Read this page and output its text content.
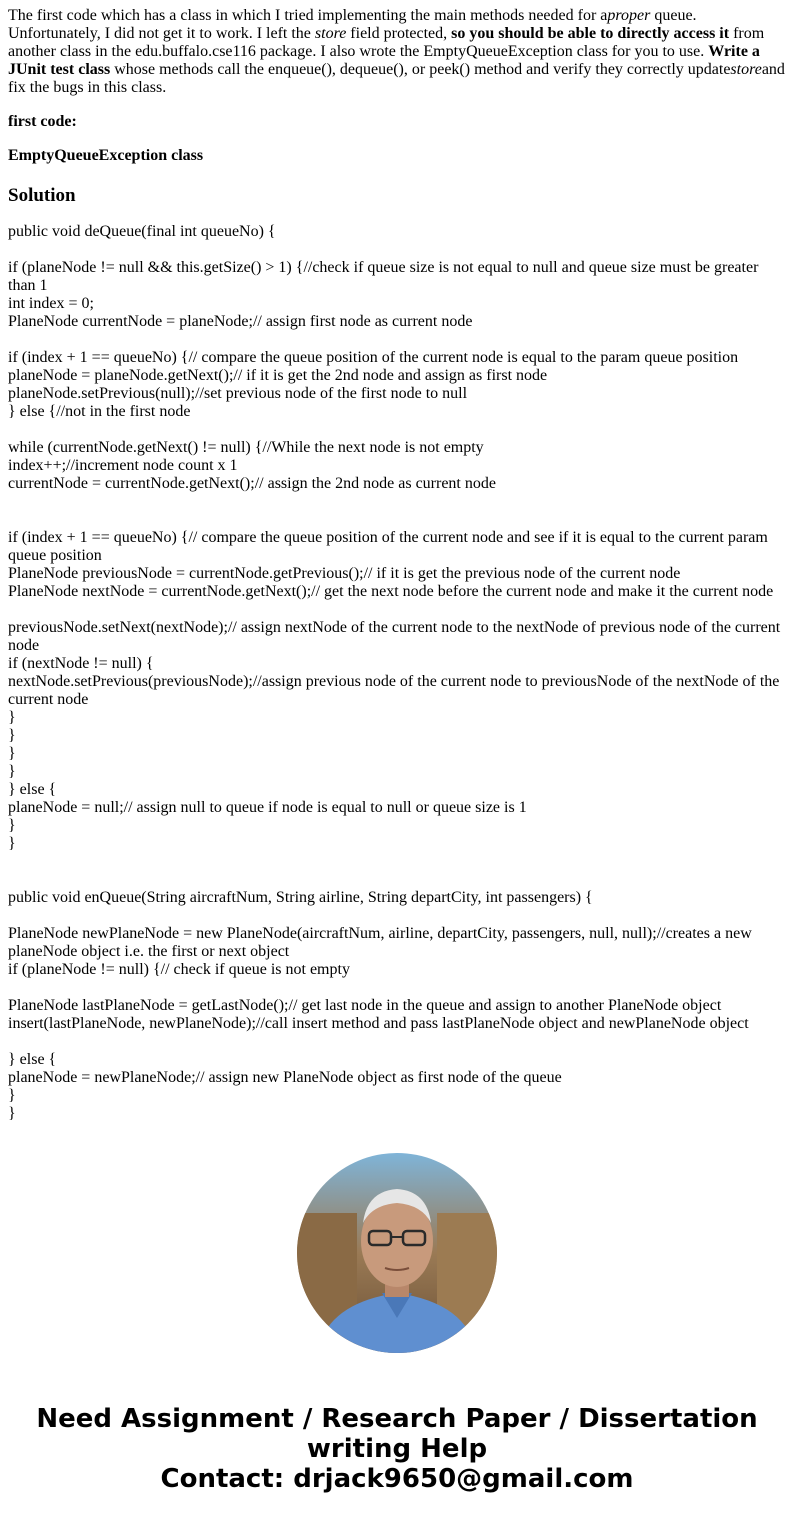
The first code which has a class in which I tried implementing the main methods needed for aproper queue. Unfortunately, I did not get it to work. I left the store field protected, so you should be able to directly access it from another class in the edu.buffalo.cse116 package. I also wrote the EmptyQueueException class for you to use. Write a JUnit test class whose methods call the enqueue(), dequeue(), or peek() method and verify they correctly updatestoreand fix the bugs in this class.

first code:

EmptyQueueException class

Solution
public void deQueue(final int queueNo) {
if (planeNode != null && this.getSize() > 1) {//check if queue size is not equal to null and queue size must be greater than 1
int index = 0;
PlaneNode currentNode = planeNode;// assign first node as current node
if (index + 1 == queueNo) {// compare the queue position of the current node is equal to the param queue position
planeNode = planeNode.getNext();// if it is get the 2nd node and assign as first node
planeNode.setPrevious(null);//set previous node of the first node to null
} else {//not in the first node
while (currentNode.getNext() != null) {//While the next node is not empty
index++;//increment node count x 1
currentNode = currentNode.getNext();// assign the 2nd node as current node
if (index + 1 == queueNo) {// compare the queue position of the current node and see if it is equal to the current param queue position
PlaneNode previousNode = currentNode.getPrevious();// if it is get the previous node of the current node
PlaneNode nextNode = currentNode.getNext();// get the next node before the current node and make it the current node
previousNode.setNext(nextNode);// assign nextNode of the current node to the nextNode of previous node of the current node
if (nextNode != null) {
nextNode.setPrevious(previousNode);//assign previous node of the current node to previousNode of the nextNode of the current node
}
}
}
}
} else {
planeNode = null;// assign null to queue if node is equal to null or queue size is 1
}
}
public void enQueue(String aircraftNum, String airline, String departCity, int passengers) {
PlaneNode newPlaneNode = new PlaneNode(aircraftNum, airline, departCity, passengers, null, null);//creates a new planeNode object i.e. the first or next object
if (planeNode != null) {// check if queue is not empty
PlaneNode lastPlaneNode = getLastNode();// get last node in the queue and assign to another PlaneNode object
insert(lastPlaneNode, newPlaneNode);//call insert method and pass lastPlaneNode object and newPlaneNode object
} else {
planeNode = newPlaneNode;// assign new PlaneNode object as first node of the queue
}
}
Need Assignment / Research Paper / Dissertation
writing Help
Contact: drjack9650@gmail.com
